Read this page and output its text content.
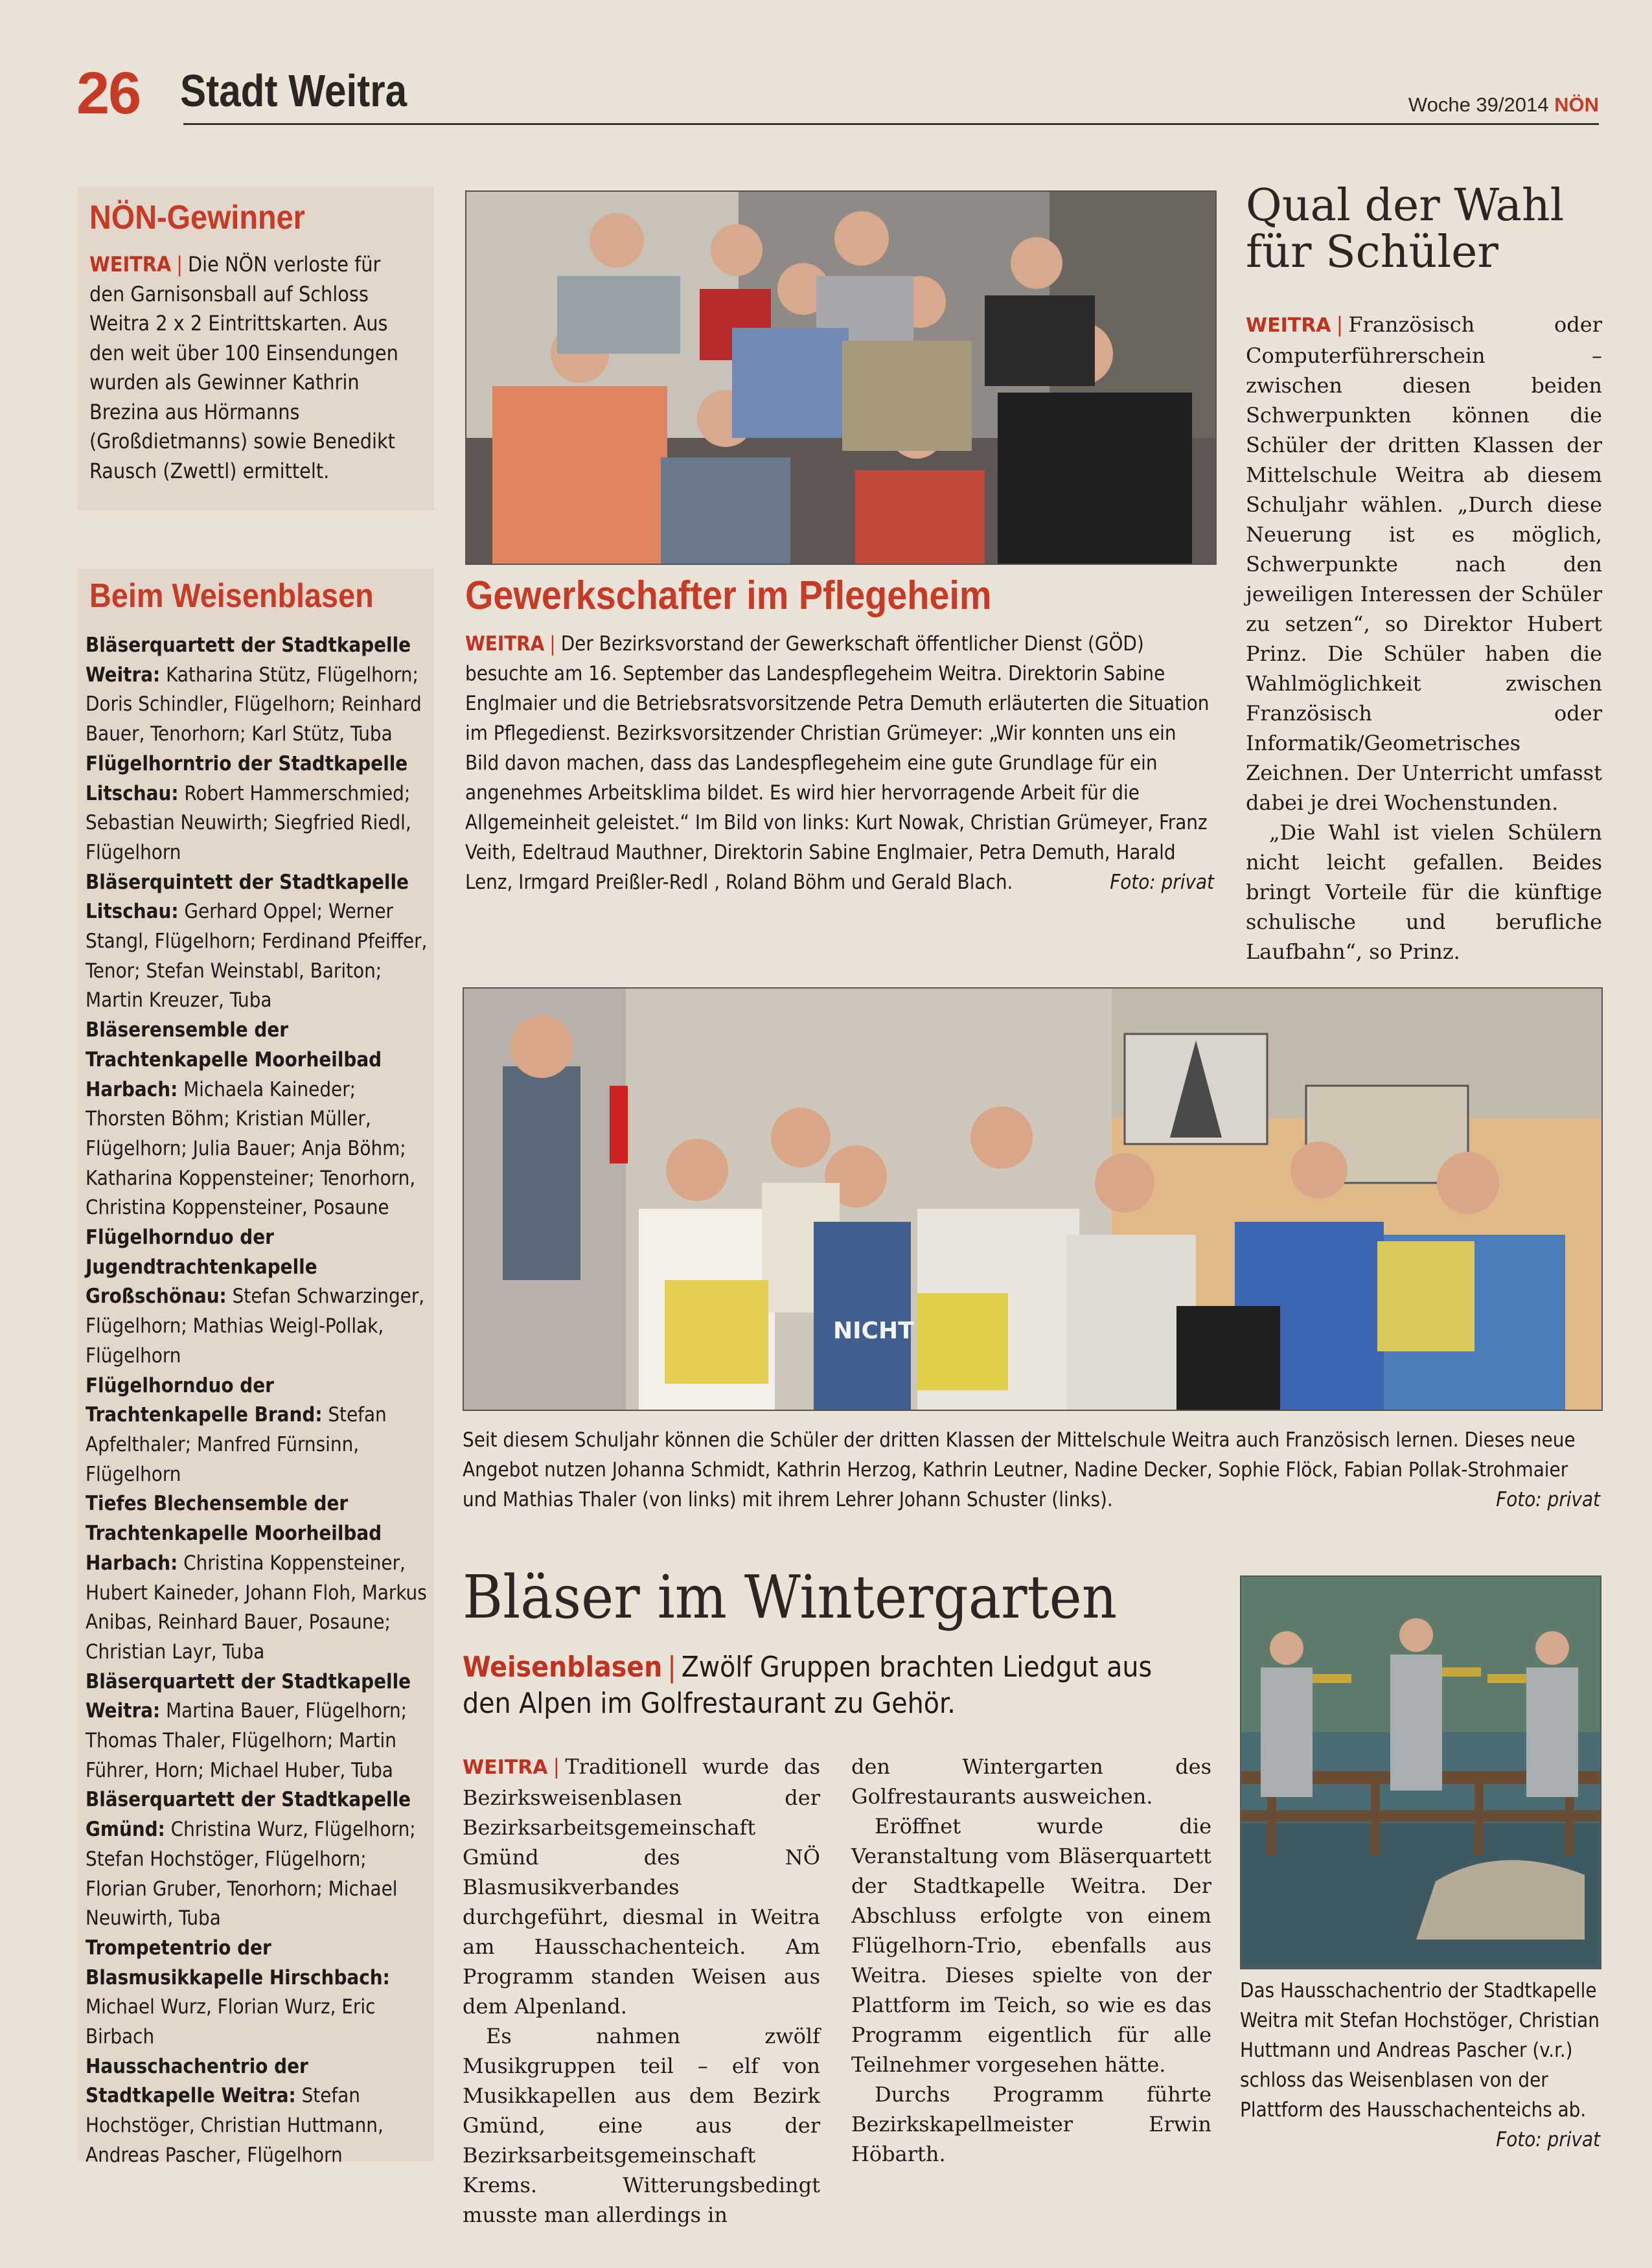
26 Stadt Weitra	Woche 39/2014 NÖN
NÖN-Gewinner
WEITRA | Die NÖN verloste für den Garnisonsball auf Schloss Weitra 2 x 2 Eintrittskarten. Aus den weit über 100 Einsendungen wurden als Gewinner Kathrin Brezina aus Hörmanns (Großdietmanns) sowie Benedikt Rausch (Zwettl) ermittelt.
Beim Weisenblasen

Bläserquartett der Stadtkapelle Weitra: Katharina Stütz, Flügelhorn; Doris Schindler, Flügelhorn; Reinhard Bauer, Tenorhorn; Karl Stütz, Tuba

Flügelhorntrio der Stadtkapelle Litschau: Robert Hammerschmied; Sebastian Neuwirth; Siegfried Riedl, Flügelhorn

Bläserquintett der Stadtkapelle Litschau: Gerhard Oppel; Werner Stangl, Flügelhorn; Ferdinand Pfeiffer, Tenor; Stefan Weinstabl, Bariton; Martin Kreuzer, Tuba

Bläserensemble der Trachtenkapelle Moorheilbad Harbach: Michaela Kaineder; Thorsten Böhm; Kristian Müller, Flügelhorn; Julia Bauer; Anja Böhm; Katharina Koppensteiner; Tenorhorn, Christina Koppensteiner, Posaune

Flügelhornduo der Jugendtrachtenkapelle Großschönau: Stefan Schwarzinger, Flügelhorn; Mathias Weigl-Pollak, Flügelhorn

Flügelhornduo der Trachtenkapelle Brand: Stefan Apfelthaler; Manfred Fürnsinn, Flügelhorn

Tiefes Blechensemble der Trachtenkapelle Moorheilbad Harbach: Christina Koppensteiner, Hubert Kaineder, Johann Floh, Markus Anibas, Reinhard Bauer, Posaune; Christian Layr, Tuba

Bläserquartett der Stadtkapelle Weitra: Martina Bauer, Flügelhorn; Thomas Thaler, Flügelhorn; Martin Führer, Horn; Michael Huber, Tuba

Bläserquartett der Stadtkapelle Gmünd: Christina Wurz, Flügelhorn; Stefan Hochstöger, Flügelhorn; Florian Gruber, Tenorhorn; Michael Neuwirth, Tuba

Trompetentrio der Blasmusikkapelle Hirschbach: Michael Wurz, Florian Wurz, Eric Birbach

Hausschachentrio der Stadtkapelle Weitra: Stefan Hochstöger, Christian Huttmann, Andreas Pascher, Flügelhorn

Gewerkschafter im Pflegeheim
WEITRA | Der Bezirksvorstand der Gewerkschaft öffentlicher Dienst (GÖD) besuchte am 16. September das Landespflegeheim Weitra. Direktorin Sabine Englmaier und die Betriebsratsvorsitzende Petra Demuth erläuterten die Situation im Pflegedienst. Bezirksvorsitzender Christian Grümeyer: „Wir konnten uns ein Bild davon machen, dass das Landespflegeheim eine gute Grundlage für ein angenehmes Arbeitsklima bildet. Es wird hier hervorragende Arbeit für die Allgemeinheit geleistet.“ Im Bild von links: Kurt Nowak, Christian Grümeyer, Franz Veith, Edeltraud Mauthner, Direktorin Sabine Englmaier, Petra Demuth, Harald Lenz, Irmgard Preißler-Redl , Roland Böhm und Gerald Blach.	Foto: privat
Qual der Wahl für Schüler

WEITRA | Französisch oder Computerführerschein – zwischen diesen beiden Schwerpunkten können die Schüler der dritten Klassen der Mittelschule Weitra ab diesem Schuljahr wählen. „Durch diese Neuerung ist es möglich, Schwerpunkte nach den jeweiligen Interessen der Schüler zu setzen“, so Direktor Hubert Prinz. Die Schüler haben die Wahlmöglichkeit zwischen Französisch oder Informatik/Geometrisches Zeichnen. Der Unterricht umfasst dabei je drei Wochenstunden.

„Die Wahl ist vielen Schülern nicht leicht gefallen. Beides bringt Vorteile für die künftige schulische und berufliche Laufbahn“, so Prinz.

NICHT
Seit diesem Schuljahr können die Schüler der dritten Klassen der Mittelschule Weitra auch Französisch lernen. Dieses neue Angebot nutzen Johanna Schmidt, Kathrin Herzog, Kathrin Leutner, Nadine Decker, Sophie Flöck, Fabian Pollak-Strohmaier und Mathias Thaler (von links) mit ihrem Lehrer Johann Schuster (links).	Foto: privat
Bläser im Wintergarten
Weisenblasen | Zwölf Gruppen brachten Liedgut aus den Alpen im Golfrestaurant zu Gehör.

WEITRA | Traditionell wurde das Bezirksweisenblasen der Bezirksarbeitsgemeinschaft Gmünd des NÖ Blasmusikverbandes durchgeführt, diesmal in Weitra am Hausschachenteich. Am Programm standen Weisen aus dem Alpenland.

Es nahmen zwölf Musikgruppen teil – elf von Musikkapellen aus dem Bezirk Gmünd, eine aus der Bezirksarbeitsgemeinschaft Krems. Witterungsbedingt musste man allerdings in

den Wintergarten des Golfrestaurants ausweichen.

Eröffnet wurde die Veranstaltung vom Bläserquartett der Stadtkapelle Weitra. Der Abschluss erfolgte von einem Flügelhorn-Trio, ebenfalls aus Weitra. Dieses spielte von der Plattform im Teich, so wie es das Programm eigentlich für alle Teilnehmer vorgesehen hätte.

Durchs Programm führte Bezirkskapellmeister Erwin Höbarth.

Das Hausschachentrio der Stadtkapelle Weitra mit Stefan Hochstöger, Christian Huttmann und Andreas Pascher (v.r.) schloss das Weisenblasen von der Plattform des Hausschachenteichs ab.
Foto: privat
